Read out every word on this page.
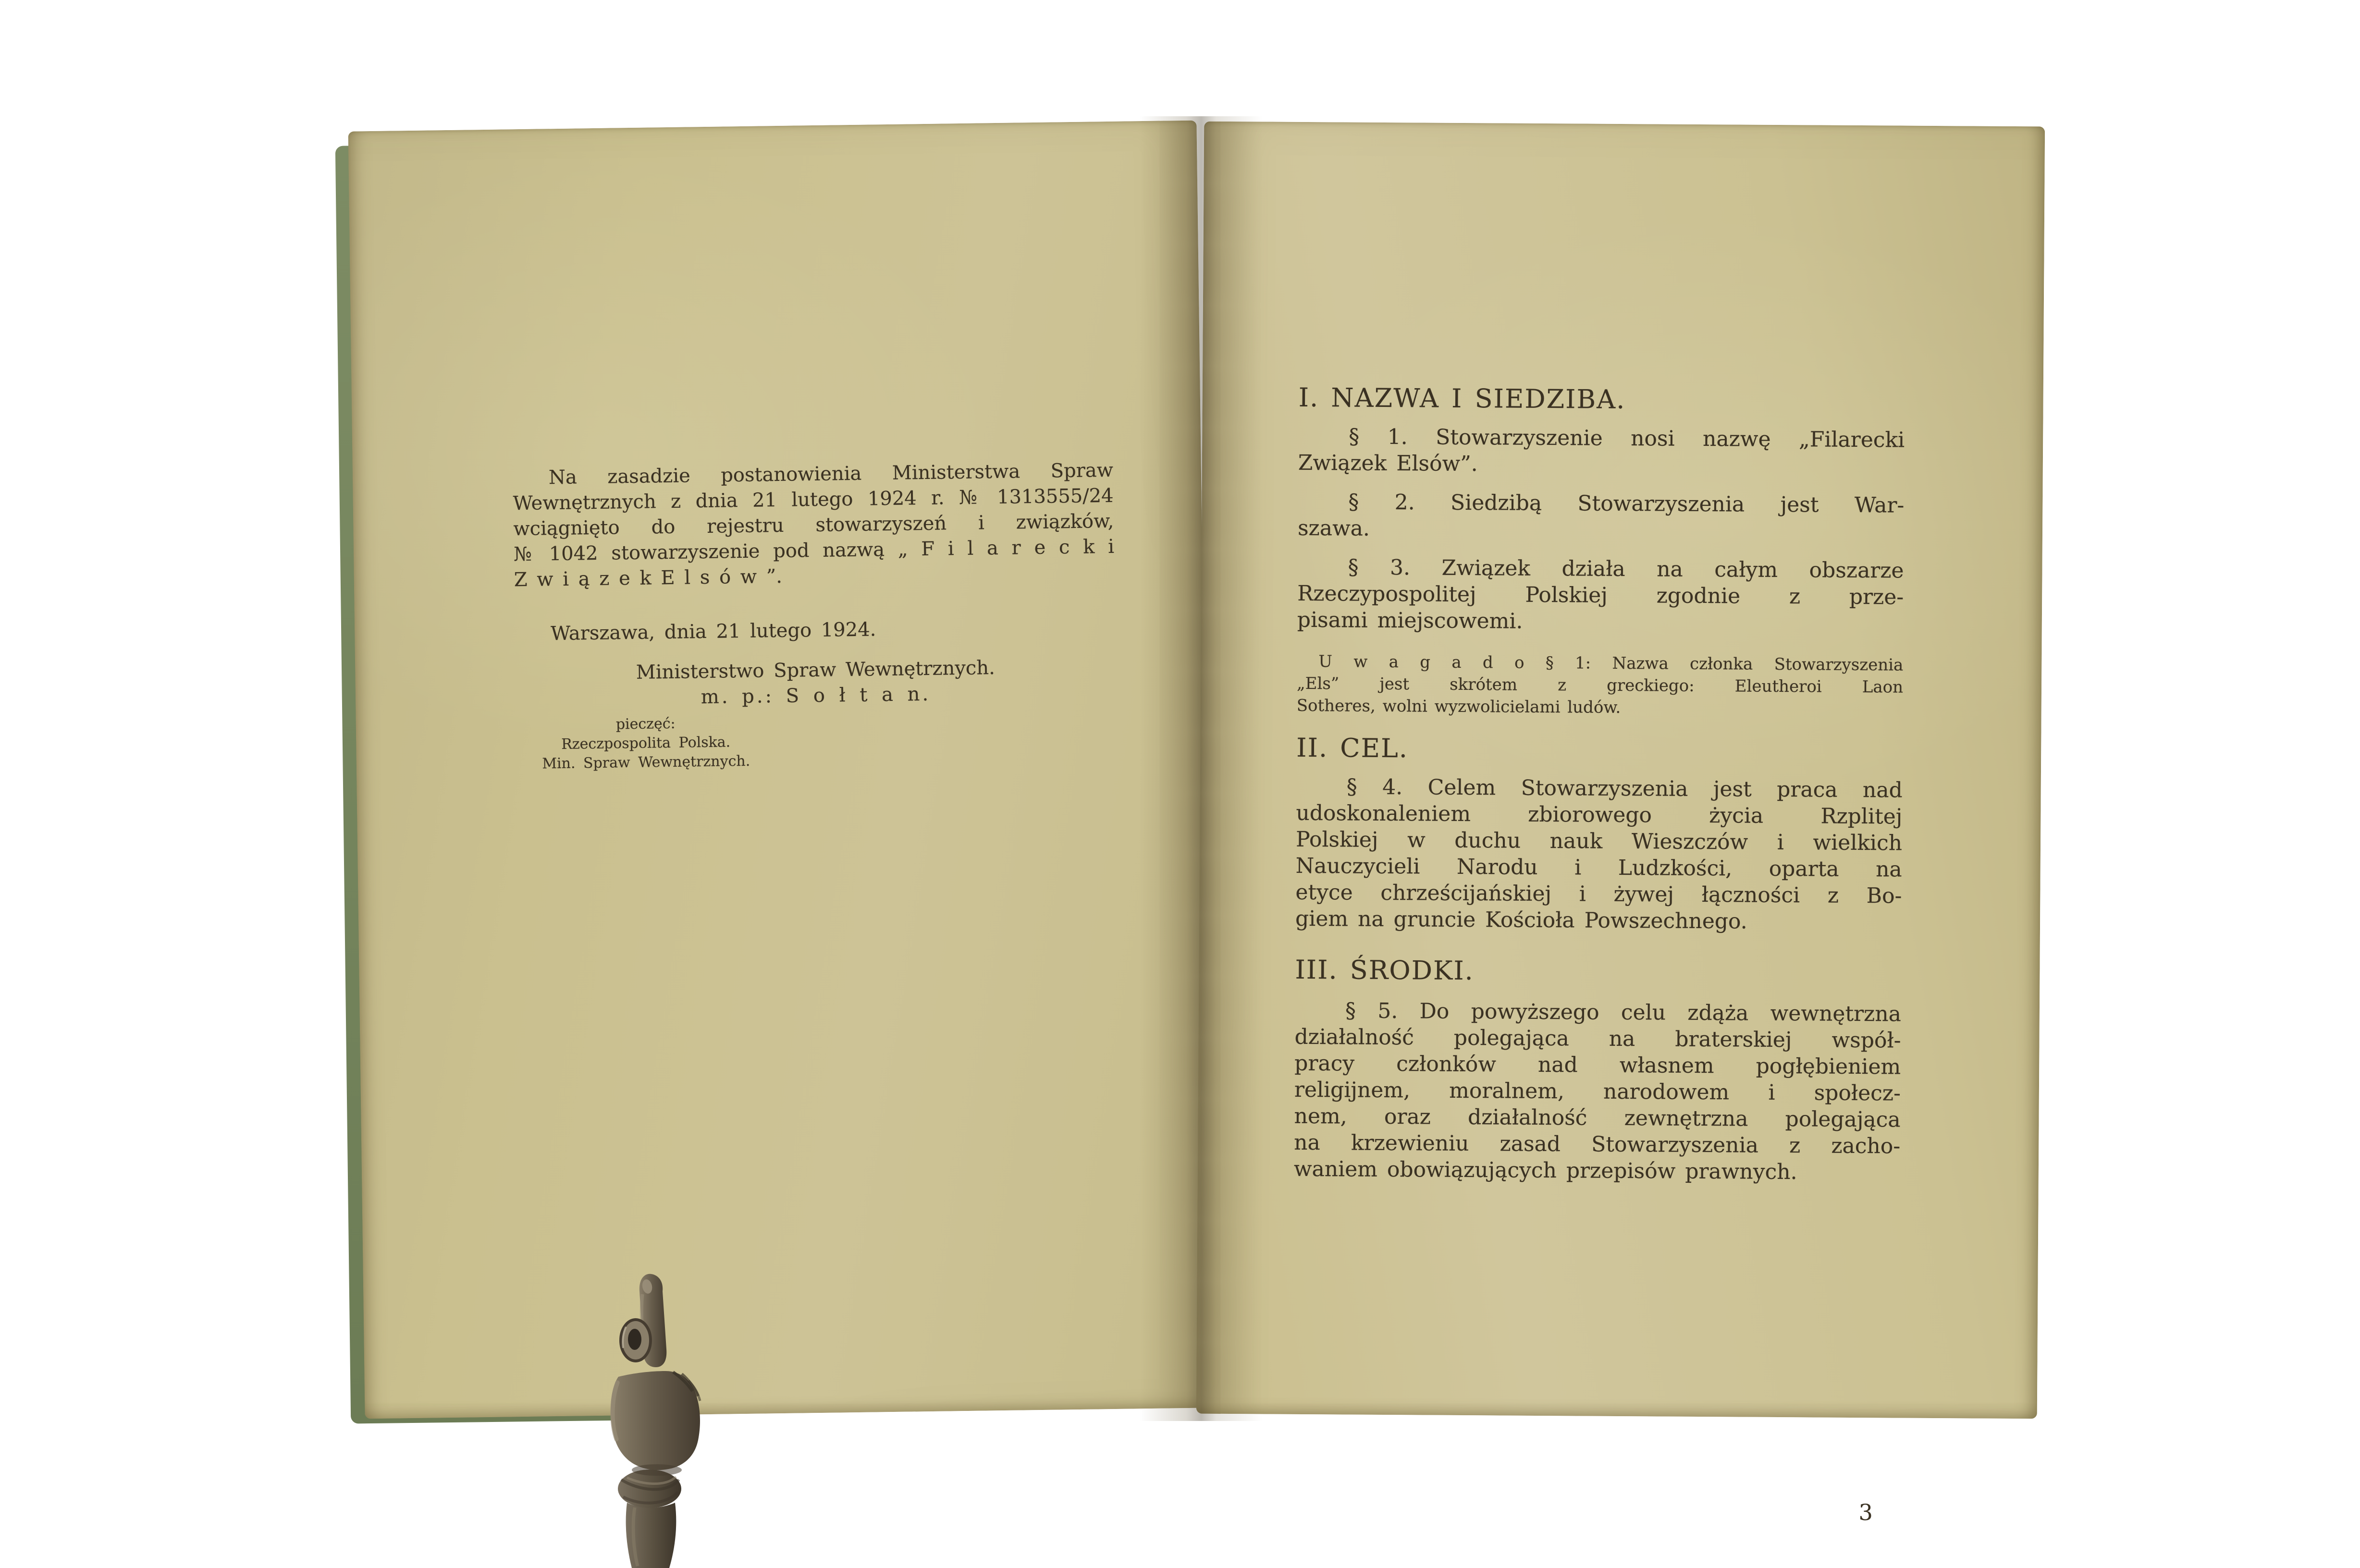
Na zasadzie postanowienia Ministerstwa Spraw
Wewnętrznych z dnia 21 lutego 1924 r. № 1313555/24
wciągnięto do rejestru stowarzyszeń i związków,
№ 1042 stowarzyszenie pod nazwą „ F i l a r e c k i
Z w i ą z e k E l s ó w ”.

Warszawa, dnia 21 lutego 1924.

Ministerstwo Spraw Wewnętrznych.

m. p.: S o ł t a n.

pieczęć:

Rzeczpospolita Polska.

Min. Spraw Wewnętrznych.

I. NAZWA I SIEDZIBA.

§ 1. Stowarzyszenie nosi nazwę „Filarecki
Związek Elsów”.

§ 2. Siedzibą Stowarzyszenia jest War-
szawa.

§ 3. Związek działa na całym obszarze
Rzeczypospolitej Polskiej zgodnie z prze-
pisami miejscowemi.

U w a g a d o § 1: Nazwa członka Stowarzyszenia
„Els” jest skrótem z greckiego: Eleutheroi Laon
Sotheres, wolni wyzwolicielami ludów.
II. CEL.

§ 4. Celem Stowarzyszenia jest praca nad
udoskonaleniem zbiorowego życia Rzplitej
Polskiej w duchu nauk Wieszczów i wielkich
Nauczycieli Narodu i Ludzkości, oparta na
etyce chrześcijańskiej i żywej łączności z Bo-
giem na gruncie Kościoła Powszechnego.

III. ŚRODKI.

§ 5. Do powyższego celu zdąża wewnętrzna
działalność polegająca na braterskiej współ-
pracy członków nad własnem pogłębieniem
religijnem, moralnem, narodowem i społecz-
nem, oraz działalność zewnętrzna polegająca
na krzewieniu zasad Stowarzyszenia z zacho-
waniem obowiązujących przepisów prawnych.

3
